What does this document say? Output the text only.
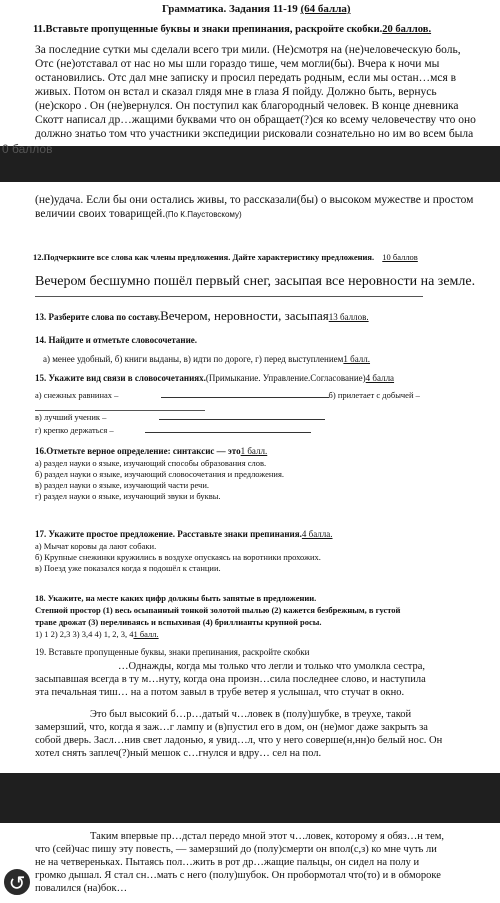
Грамматика. Задания 11-19 (64 балла)
11.Вставьте пропущенные буквы и знаки препинания, раскройте скобки.20 баллов.
За последние сутки мы сделали всего три мили. (Не)смотря на (не)человеческую боль,
Отс (не)отставал от нас но мы шли гораздо тише, чем могли(бы). Вчера к ночи мы
остановились. Отс дал мне записку и просил передать родным, если мы остан…мся в
живых. Потом он встал и сказал глядя мне в глаза Я пойду. Должно быть, вернусь
(не)скоро . Он (не)вернулся. Он поступил как благородный человек. В конце дневника
Скотт написал др…жащими буквами что он обращает(?)ся ко всему человечеству что оно
должно знатьо том что участники экспедиции рисковали сознательно но им во всем была
0 баллов
(не)удача. Если бы они остались живы, то рассказали(бы) о высоком мужестве и простом
величии своих товарищей.(По К.Паустовскому)
12.Подчеркните все слова как члены предложения. Дайте характеристику предложения. 10 баллов
Вечером бесшумно пошёл первый снег, засыпая все неровности на земле.
13. Разберите слова по составу.Вечером, неровности, засыпая13 баллов.
14. Найдите и отметьте словосочетание.
а) менее удобный, б) книги выданы, в) идти по дороге, г) перед выступлением1 балл.
15. Укажите вид связи в словосочетаниях.(Примыкание. Управление.Согласование)4 балла
а) снежных равнинах –	б) прилетает с добычей –
в) лучший ученик –
г) крепко держаться –
16.Отметьте верное определение: синтаксис — это1 балл.
а) раздел науки о языке, изучающий способы образования слов.
б) раздел науки о языке, изучающий словосочетания и предложения.
в) раздел науки о языке, изучающий части речи.
г) раздел науки о языке, изучающий звуки и буквы.
17. Укажите простое предложение. Расставьте знаки препинания.4 балла.
а) Мычат коровы да лают собаки.
б) Крупные снежинки кружились в воздухе опускаясь на воротники прохожих.
в) Поезд уже показался когда я подошёл к станции.
18. Укажите, на месте каких цифр должны быть запятые в предложении.
Степной простор (1) весь осыпанный тонкой золотой пылью (2) кажется безбрежным, в густой
траве дрожат (3) переливаясь и вспыхивая (4) бриллианты крупной росы.
1) 1 2) 2,3 3) 3,4 4) 1, 2, 3, 41 балл.
19. Вставьте пропущенные буквы, знаки препинания, раскройте скобки
…Однажды, когда мы только что легли и только что умолкла сестра,
засыпавшая всегда в ту м…нуту, когда она произн…сила последнее слово, и наступила
эта печальная тиш… на а потом завыл в трубе ветер я услышал, что стучат в окно.
Это был высокий б…р…датый ч…ловек в (полу)шубке, в треухе, такой
замерзший, что, когда я заж…г лампу и (в)пустил его в дом, он (не)мог даже закрыть за
собой дверь. Засл…нив свет ладонью, я увид…л, что у него совершe(н,нн)о белый нос. Он
хотел снять заплеч(?)ный мешок с…гнулся и вдру… сел на пол.
Таким впервые пр…дстал передо мной этот ч…ловек, которому я обяз…н тем,
что (сей)час пишу эту повесть, — замерзший до (полу)смерти он впол(с,з) ко мне чуть ли
не на четвереньках. Пытаясь пол…жить в рот др…жащие пальцы, он сидел на полу и
громко дышал. Я стал сн…мать с него (полу)шубок. Он пробормотал что(то) и в обмороке
повалился (на)бок…
↺
